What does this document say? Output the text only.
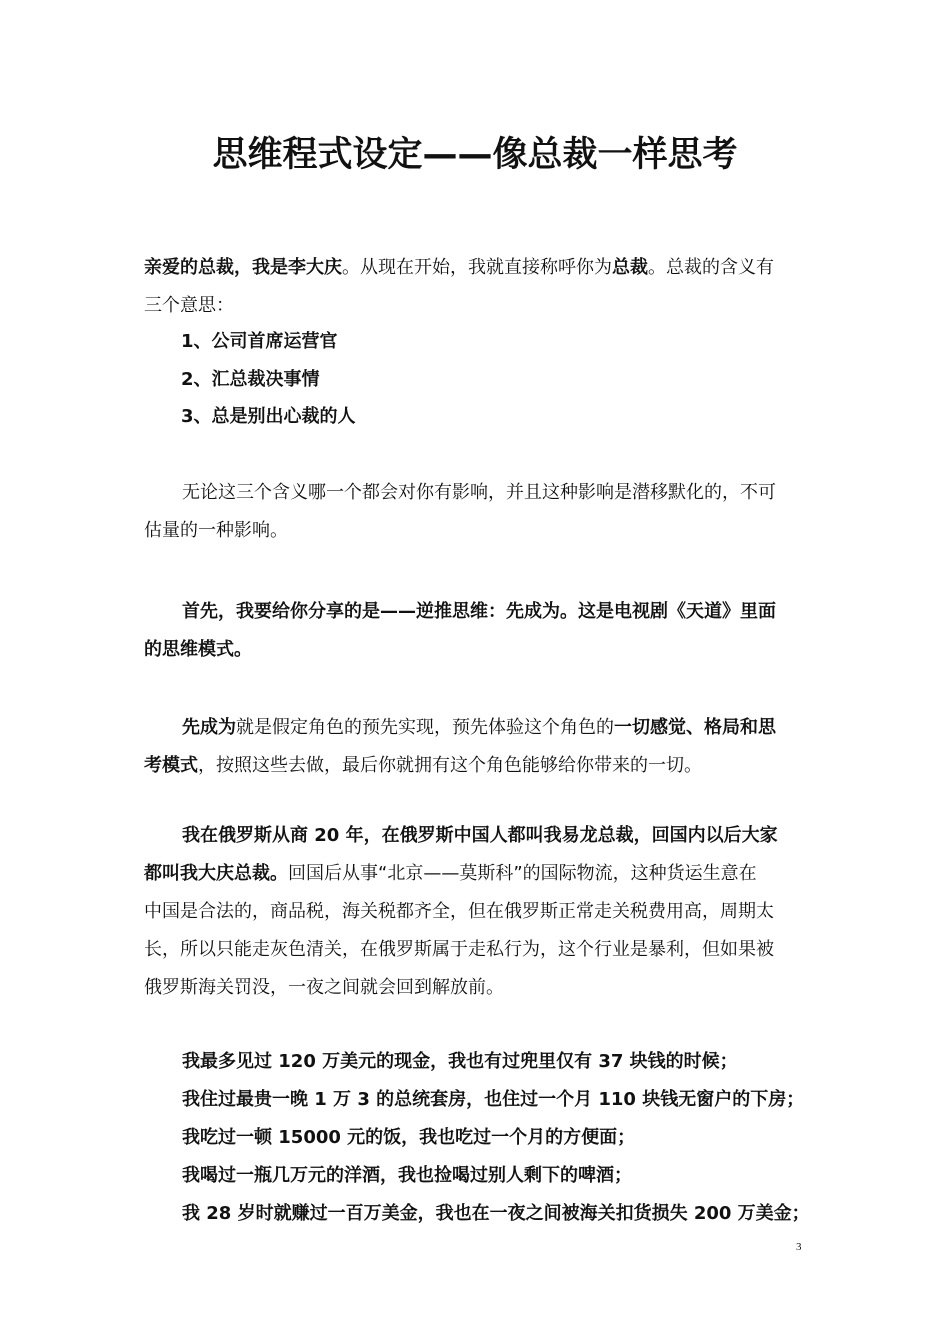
思维程式设定——像总裁一样思考
亲爱的总裁，我是李大庆。从现在开始，我就直接称呼你为总裁。总裁的含义有
三个意思：
1、公司首席运营官
2、汇总裁决事情
3、总是别出心裁的人
无论这三个含义哪一个都会对你有影响，并且这种影响是潜移默化的，不可
估量的一种影响。
首先，我要给你分享的是——逆推思维：先成为。这是电视剧《天道》里面
的思维模式。
先成为就是假定角色的预先实现，预先体验这个角色的一切感觉、格局和思
考模式，按照这些去做，最后你就拥有这个角色能够给你带来的一切。
我在俄罗斯从商 20 年，在俄罗斯中国人都叫我易龙总裁，回国内以后大家
都叫我大庆总裁。回国后从事“北京——莫斯科”的国际物流，这种货运生意在
中国是合法的，商品税，海关税都齐全，但在俄罗斯正常走关税费用高，周期太
长，所以只能走灰色清关，在俄罗斯属于走私行为，这个行业是暴利，但如果被
俄罗斯海关罚没，一夜之间就会回到解放前。
我最多见过 120 万美元的现金，我也有过兜里仅有 37 块钱的时候；
我住过最贵一晚 1 万 3 的总统套房，也住过一个月 110 块钱无窗户的下房；
我吃过一顿 15000 元的饭，我也吃过一个月的方便面；
我喝过一瓶几万元的洋酒，我也捡喝过别人剩下的啤酒；
我 28 岁时就赚过一百万美金，我也在一夜之间被海关扣货损失 200 万美金；
3
